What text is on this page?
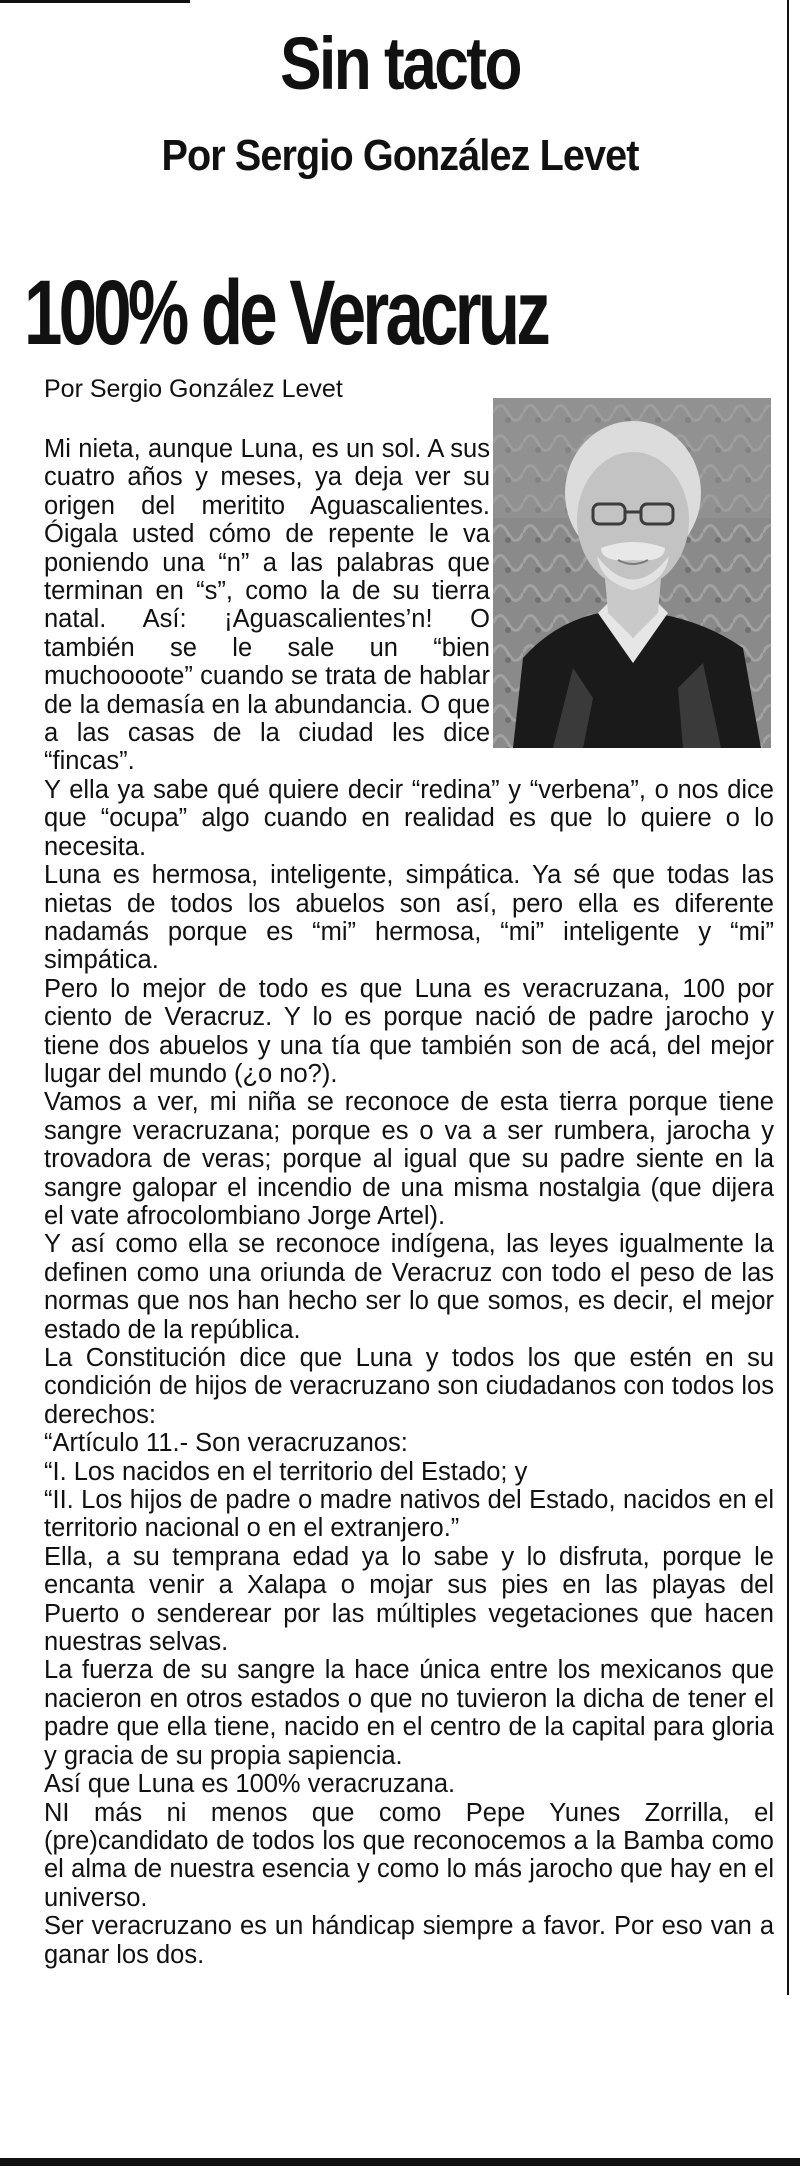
Sin tacto
Por Sergio González Levet
100% de Veracruz
Por Sergio González Levet

Mi nieta, aunque Luna, es un sol. A sus cuatro años y meses, ya deja ver su origen del meritito Aguascalientes. Óigala usted cómo de repente le va poniendo una “n” a las palabras que terminan en “s”, como la de su tierra natal. Así: ¡Aguascalientes’n! O también se le sale un “bien muchoooote” cuando se trata de hablar de la demasía en la abundancia. O que a las casas de la ciudad les dice “fincas”.

Y ella ya sabe qué quiere decir “redina” y “verbena”, o nos dice que “ocupa” algo cuando en realidad es que lo quiere o lo necesita.

Luna es hermosa, inteligente, simpática. Ya sé que todas las nietas de todos los abuelos son así, pero ella es diferente nadamás porque es “mi” hermosa, “mi” inteligente y “mi” simpática.

Pero lo mejor de todo es que Luna es veracruzana, 100 por ciento de Veracruz. Y lo es porque nació de padre jarocho y tiene dos abuelos y una tía que también son de acá, del mejor lugar del mundo (¿o no?).

Vamos a ver, mi niña se reconoce de esta tierra porque tiene sangre veracruzana; porque es o va a ser rumbera, jarocha y trovadora de veras; porque al igual que su padre siente en la sangre galopar el incendio de una misma nostalgia (que dijera el vate afrocolombiano Jorge Artel).

Y así como ella se reconoce indígena, las leyes igualmente la definen como una oriunda de Veracruz con todo el peso de las normas que nos han hecho ser lo que somos, es decir, el mejor estado de la república.

La Constitución dice que Luna y todos los que estén en su condición de hijos de veracruzano son ciudadanos con todos los derechos:

“Artículo 11.- Son veracruzanos:

“I. Los nacidos en el territorio del Estado; y

“II. Los hijos de padre o madre nativos del Estado, nacidos en el territorio nacional o en el extranjero.”

Ella, a su temprana edad ya lo sabe y lo disfruta, porque le encanta venir a Xalapa o mojar sus pies en las playas del Puerto o senderear por las múltiples vegetaciones que hacen nuestras selvas.

La fuerza de su sangre la hace única entre los mexicanos que nacieron en otros estados o que no tuvieron la dicha de tener el padre que ella tiene, nacido en el centro de la capital para gloria y gracia de su propia sapiencia.

Así que Luna es 100% veracruzana.

NI más ni menos que como Pepe Yunes Zorrilla, el (pre)candidato de todos los que reconocemos a la Bamba como el alma de nuestra esencia y como lo más jarocho que hay en el universo.

Ser veracruzano es un hándicap siempre a favor. Por eso van a ganar los dos.
